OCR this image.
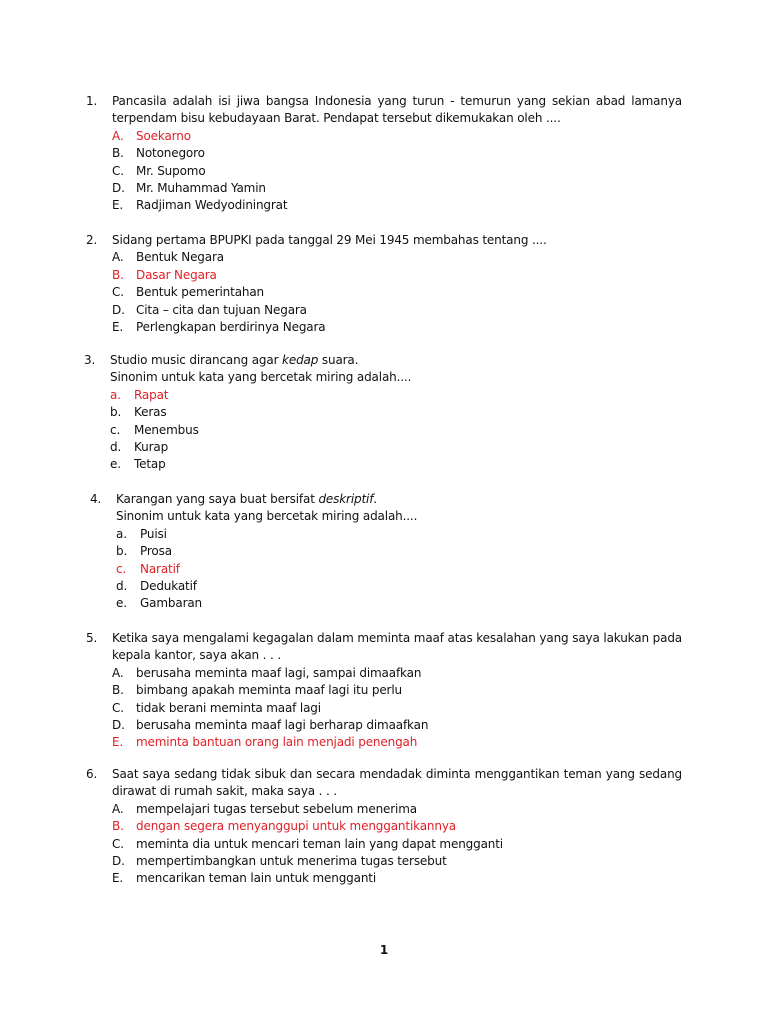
1.	Pancasila adalah isi jiwa bangsa Indonesia yang turun - temurun yang sekian abad lamanya terpendam bisu kebudayaan Barat. Pendapat tersebut dikemukakan oleh ....
A.	Soekarno
B.	Notonegoro
C.	Mr. Supomo
D. Mr. Muhammad Yamin
E.	Radjiman Wedyodiningrat
2.	Sidang pertama BPUPKI pada tanggal 29 Mei 1945 membahas tentang ....
A.	Bentuk Negara
B.	Dasar Negara
C.	Bentuk pemerintahan
D. Cita – cita dan tujuan Negara
E.	Perlengkapan berdirinya Negara
3.	Studio music dirancang agar kedap suara.
Sinonim untuk kata yang bercetak miring adalah....
a.	Rapat
b.	Keras
c.	Menembus
d.	Kurap
e.	Tetap
4.	Karangan yang saya buat bersifat deskriptif.
Sinonim untuk kata yang bercetak miring adalah....
a.	Puisi
b.	Prosa
c.	Naratif
d.	Dedukatif
e.	Gambaran
5.	Ketika saya mengalami kegagalan dalam meminta maaf atas kesalahan yang saya lakukan pada kepala kantor, saya akan . . .
A.	berusaha meminta maaf lagi, sampai dimaafkan
B.	bimbang apakah meminta maaf lagi itu perlu
C.	tidak berani meminta maaf lagi
D. berusaha meminta maaf lagi berharap dimaafkan
E.	meminta bantuan orang lain menjadi penengah
6.	Saat saya sedang tidak sibuk dan secara mendadak diminta menggantikan teman yang sedang dirawat di rumah sakit, maka saya . . .
A.	mempelajari tugas tersebut sebelum menerima
B.	dengan segera menyanggupi untuk menggantikannya
C.	meminta dia untuk mencari teman lain yang dapat mengganti
D. mempertimbangkan untuk menerima tugas tersebut
E.	mencarikan teman lain untuk mengganti
1
